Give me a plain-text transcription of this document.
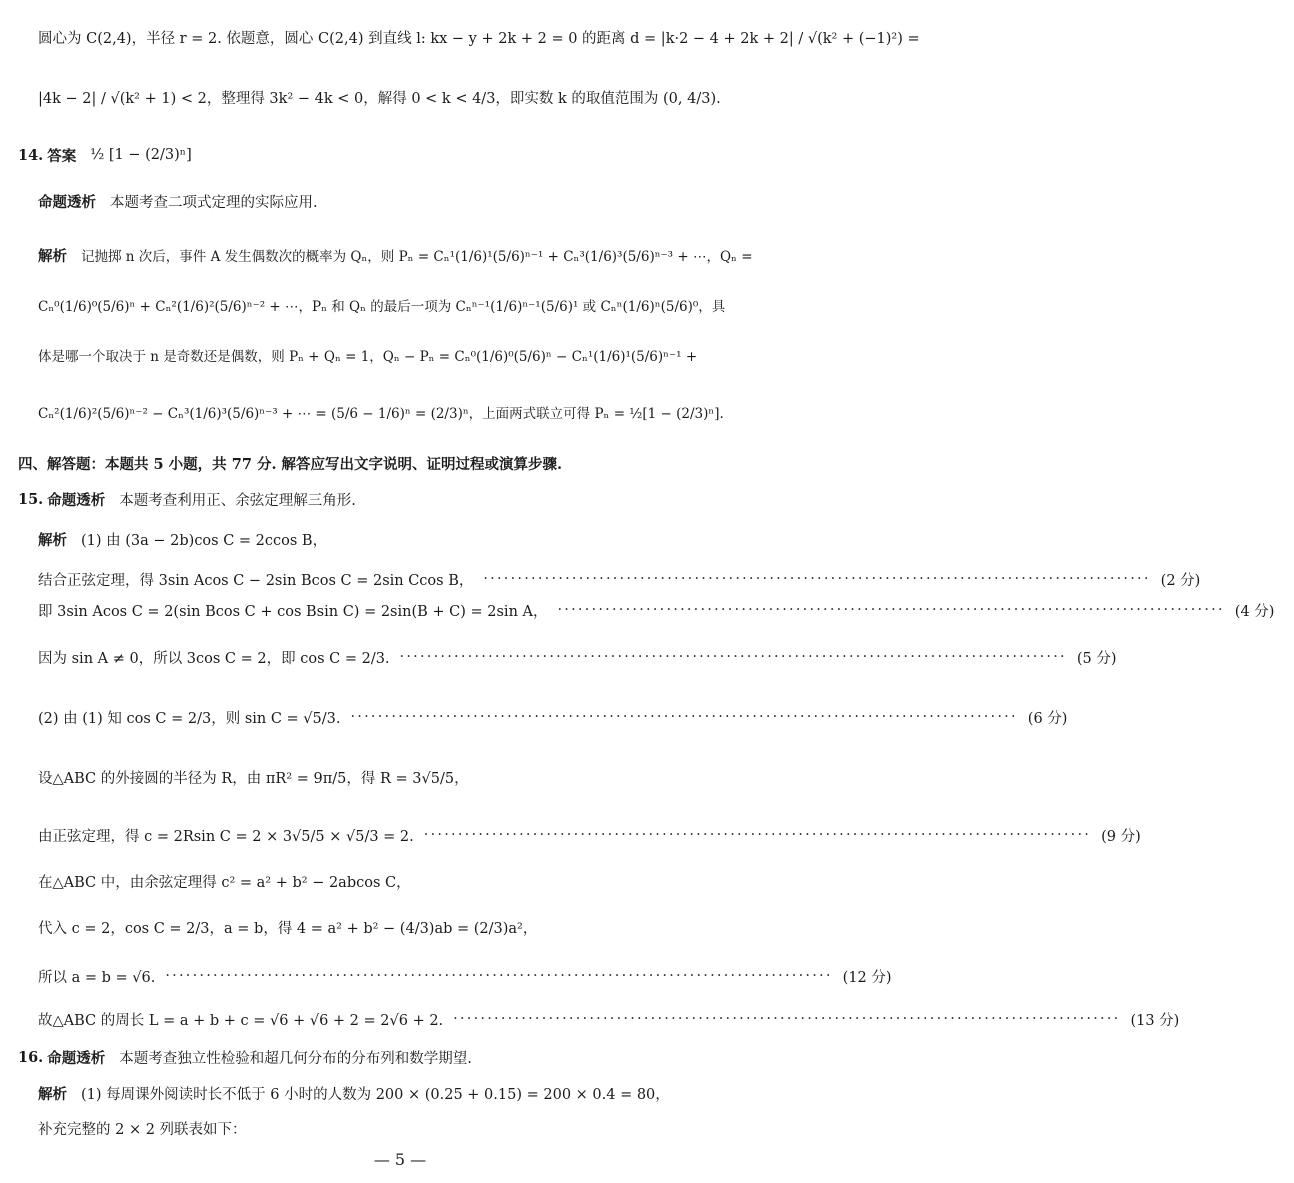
圆心为 C(2,4)，半径 r = 2. 依题意，圆心 C(2,4) 到直线 l: kx − y + 2k + 2 = 0 的距离 d = |k·2 − 4 + 2k + 2| / √(k² + (−1)²) =
|4k − 2| / √(k² + 1) < 2，整理得 3k² − 4k < 0，解得 0 < k < 4/3，即实数 k 的取值范围为 (0, 4/3).
14. 答案 ½ [1 − (2/3)ⁿ]
命题透析 本题考查二项式定理的实际应用.
解析 记抛掷 n 次后，事件 A 发生偶数次的概率为 Qₙ，则 Pₙ = Cₙ¹(1/6)¹(5/6)ⁿ⁻¹ + Cₙ³(1/6)³(5/6)ⁿ⁻³ + ⋯，Qₙ =
Cₙ⁰(1/6)⁰(5/6)ⁿ + Cₙ²(1/6)²(5/6)ⁿ⁻² + ⋯，Pₙ 和 Qₙ 的最后一项为 Cₙⁿ⁻¹(1/6)ⁿ⁻¹(5/6)¹ 或 Cₙⁿ(1/6)ⁿ(5/6)⁰，具
体是哪一个取决于 n 是奇数还是偶数，则 Pₙ + Qₙ = 1，Qₙ − Pₙ = Cₙ⁰(1/6)⁰(5/6)ⁿ − Cₙ¹(1/6)¹(5/6)ⁿ⁻¹ +
Cₙ²(1/6)²(5/6)ⁿ⁻² − Cₙ³(1/6)³(5/6)ⁿ⁻³ + ⋯ = (5/6 − 1/6)ⁿ = (2/3)ⁿ，上面两式联立可得 Pₙ = ½[1 − (2/3)ⁿ].
四、解答题：本题共 5 小题，共 77 分. 解答应写出文字说明、证明过程或演算步骤.
15. 命题透析 本题考查利用正、余弦定理解三角形.
解析 (1) 由 (3a − 2b)cos C = 2ccos B，
结合正弦定理，得 3sin Acos C − 2sin Bcos C = 2sin Ccos B， ·································································································· (2 分)
即 3sin Acos C = 2(sin Bcos C + cos Bsin C) = 2sin(B + C) = 2sin A， ·································································································· (4 分)
因为 sin A ≠ 0，所以 3cos C = 2，即 cos C = 2/3. ·································································································· (5 分)
(2) 由 (1) 知 cos C = 2/3，则 sin C = √5/3. ·································································································· (6 分)
设△ABC 的外接圆的半径为 R，由 πR² = 9π/5，得 R = 3√5/5，
由正弦定理，得 c = 2Rsin C = 2 × 3√5/5 × √5/3 = 2. ·································································································· (9 分)
在△ABC 中，由余弦定理得 c² = a² + b² − 2abcos C，
代入 c = 2，cos C = 2/3，a = b，得 4 = a² + b² − (4/3)ab = (2/3)a²，
所以 a = b = √6. ·································································································· (12 分)
故△ABC 的周长 L = a + b + c = √6 + √6 + 2 = 2√6 + 2. ·································································································· (13 分)
16. 命题透析 本题考查独立性检验和超几何分布的分布列和数学期望.
解析 (1) 每周课外阅读时长不低于 6 小时的人数为 200 × (0.25 + 0.15) = 200 × 0.4 = 80，
补充完整的 2 × 2 列联表如下：
— 5 —
